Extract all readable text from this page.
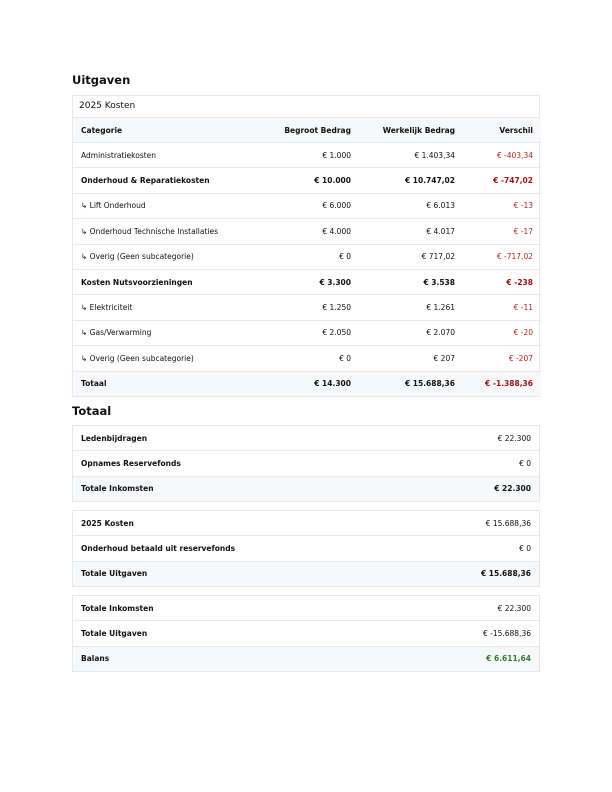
Uitgaven
2025 Kosten
Categorie	Begroot Bedrag	Werkelijk Bedrag	Verschil
Administratiekosten	€ 1.000	€ 1.403,34	€ -403,34
Onderhoud & Reparatiekosten	€ 10.000	€ 10.747,02	€ -747,02
↳ Lift Onderhoud	€ 6.000	€ 6.013	€ -13
↳ Onderhoud Technische Installaties	€ 4.000	€ 4.017	€ -17
↳ Overig (Geen subcategorie)	€ 0	€ 717,02	€ -717,02
Kosten Nutsvoorzieningen	€ 3.300	€ 3.538	€ -238
↳ Elektriciteit	€ 1.250	€ 1.261	€ -11
↳ Gas/Verwarming	€ 2.050	€ 2.070	€ -20
↳ Overig (Geen subcategorie)	€ 0	€ 207	€ -207
Totaal	€ 14.300	€ 15.688,36	€ -1.388,36
Totaal
Ledenbijdragen	€ 22.300
Opnames Reservefonds	€ 0
Totale Inkomsten	€ 22.300
2025 Kosten	€ 15.688,36
Onderhoud betaald uit reservefonds	€ 0
Totale Uitgaven	€ 15.688,36
Totale Inkomsten	€ 22.300
Totale Uitgaven	€ -15.688,36
Balans	€ 6.611,64
